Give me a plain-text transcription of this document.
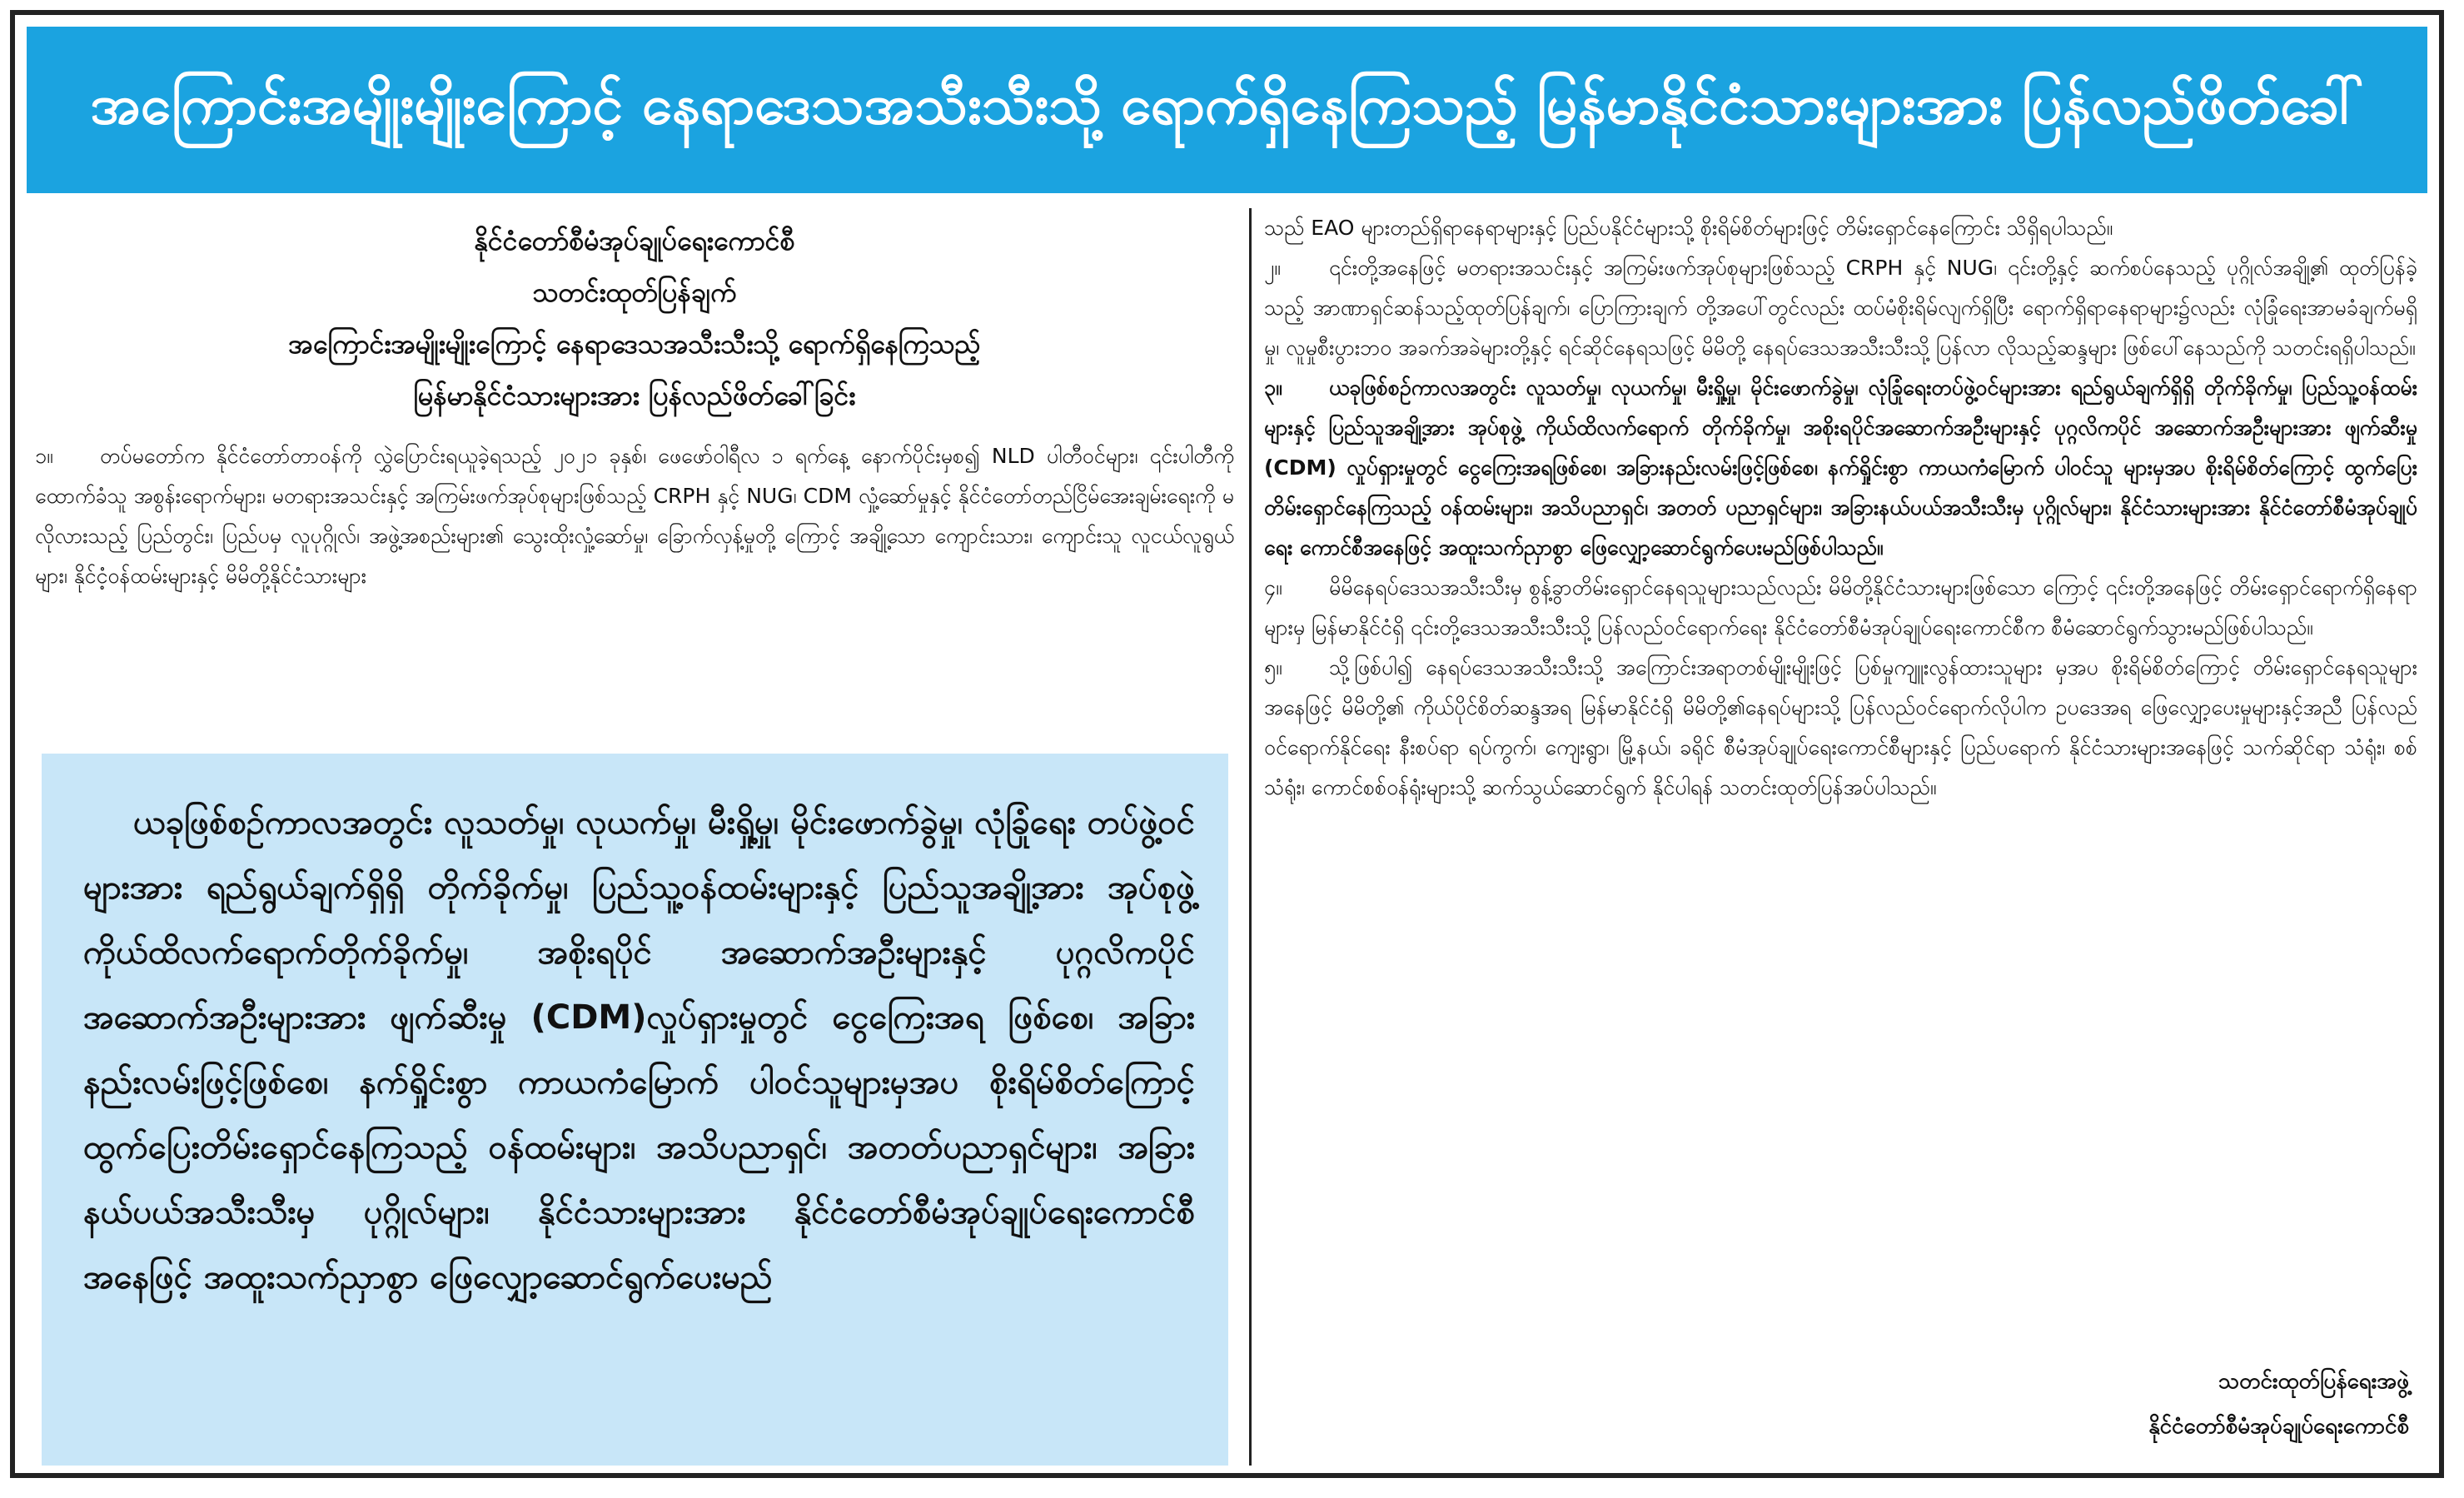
အကြောင်းအမျိုးမျိုးကြောင့် နေရာဒေသအသီးသီးသို့ ရောက်ရှိနေကြသည့် မြန်မာနိုင်ငံသားများအား ပြန်လည်ဖိတ်ခေါ်
နိုင်ငံတော်စီမံအုပ်ချုပ်ရေးကောင်စီ
သတင်းထုတ်ပြန်ချက်
အကြောင်းအမျိုးမျိုးကြောင့် နေရာဒေသအသီးသီးသို့ ရောက်ရှိနေကြသည့်
မြန်မာနိုင်ငံသားများအား ပြန်လည်ဖိတ်ခေါ်ခြင်း

၁။ တပ်မတော်က နိုင်ငံတော်တာဝန်ကို လွှဲပြောင်းရယူခဲ့ရသည့် ၂၀၂၁ ခုနှစ်၊ ဖေဖော်ဝါရီလ ၁ ရက်နေ့ နောက်ပိုင်းမှစ၍ NLD ပါတီဝင်များ၊ ၎င်းပါတီကိုထောက်ခံသူ အစွန်းရောက်များ၊ မတရားအသင်းနှင့် အကြမ်းဖက်အုပ်စုများဖြစ်သည့် CRPH နှင့် NUG၊ CDM လှုံ့ဆော်မှုနှင့် နိုင်ငံတော်တည်ငြိမ်အေးချမ်းရေးကို မလိုလားသည့် ပြည်တွင်း၊ ပြည်ပမှ လူပုဂ္ဂိုလ်၊ အဖွဲ့အစည်းများ၏ သွေးထိုးလှုံ့ဆော်မှု၊ ခြောက်လှန့်မှုတို့ ကြောင့် အချို့သော ကျောင်းသား၊ ကျောင်းသူ လူငယ်လူရွယ်များ၊ နိုင်ငံ့ဝန်ထမ်းများနှင့် မိမိတို့နိုင်ငံသားများ

ယခုဖြစ်စဉ်ကာလအတွင်း လူသတ်မှု၊ လုယက်မှု၊ မီးရှို့မှု၊ မိုင်းဖောက်ခွဲမှု၊ လုံခြုံရေး တပ်ဖွဲ့ဝင်များအား ရည်ရွယ်ချက်ရှိရှိ တိုက်ခိုက်မှု၊ ပြည်သူ့ဝန်ထမ်းများနှင့် ပြည်သူအချို့အား အုပ်စုဖွဲ့ ကိုယ်ထိလက်ရောက်တိုက်ခိုက်မှု၊ အစိုးရပိုင် အဆောက်အဦးများနှင့် ပုဂ္ဂလိကပိုင် အဆောက်အဦးများအား ဖျက်ဆီးမှု (CDM)လှုပ်ရှားမှုတွင် ငွေကြေးအရ ဖြစ်စေ၊ အခြား နည်းလမ်းဖြင့်ဖြစ်စေ၊ နက်ရှိုင်းစွာ ကာယကံမြောက် ပါဝင်သူများမှအပ စိုးရိမ်စိတ်ကြောင့် ထွက်ပြေးတိမ်းရှောင်နေကြသည့် ဝန်ထမ်းများ၊ အသိပညာရှင်၊ အတတ်ပညာရှင်များ၊ အခြားနယ်ပယ်အသီးသီးမှ ပုဂ္ဂိုလ်များ၊ နိုင်ငံသားများအား နိုင်ငံတော်စီမံအုပ်ချုပ်ရေးကောင်စီ အနေဖြင့် အထူးသက်ညှာစွာ ဖြေလျှော့ဆောင်ရွက်ပေးမည်

သည် EAO များတည်ရှိရာနေရာများနှင့် ပြည်ပနိုင်ငံများသို့ စိုးရိမ်စိတ်များဖြင့် တိမ်းရှောင်နေကြောင်း သိရှိရပါသည်။

၂။ ၎င်းတို့အနေဖြင့် မတရားအသင်းနှင့် အကြမ်းဖက်အုပ်စုများဖြစ်သည့် CRPH နှင့် NUG၊ ၎င်းတို့နှင့် ဆက်စပ်နေသည့် ပုဂ္ဂိုလ်အချို့၏ ထုတ်ပြန်ခဲ့သည့် အာဏာရှင်ဆန်သည့်ထုတ်ပြန်ချက်၊ ပြောကြားချက် တို့အပေါ်တွင်လည်း ထပ်မံစိုးရိမ်လျက်ရှိပြီး ရောက်ရှိရာနေရာများ၌လည်း လုံခြုံရေးအာမခံချက်မရှိမှု၊ လူမှုစီးပွားဘဝ အခက်အခဲများတို့နှင့် ရင်ဆိုင်နေရသဖြင့် မိမိတို့ နေရပ်ဒေသအသီးသီးသို့ ပြန်လာ လိုသည့်ဆန္ဒများ ဖြစ်ပေါ်နေသည်ကို သတင်းရရှိပါသည်။

၃။ ယခုဖြစ်စဉ်ကာလအတွင်း လူသတ်မှု၊ လုယက်မှု၊ မီးရှို့မှု၊ မိုင်းဖောက်ခွဲမှု၊ လုံခြုံရေးတပ်ဖွဲ့ဝင်များအား ရည်ရွယ်ချက်ရှိရှိ တိုက်ခိုက်မှု၊ ပြည်သူ့ဝန်ထမ်းများနှင့် ပြည်သူအချို့အား အုပ်စုဖွဲ့ ကိုယ်ထိလက်ရောက် တိုက်ခိုက်မှု၊ အစိုးရပိုင်အဆောက်အဦးများနှင့် ပုဂ္ဂလိကပိုင် အဆောက်အဦးများအား ဖျက်ဆီးမှု (CDM) လှုပ်ရှားမှုတွင် ငွေကြေးအရဖြစ်စေ၊ အခြားနည်းလမ်းဖြင့်ဖြစ်စေ၊ နက်ရှိုင်းစွာ ကာယကံမြောက် ပါဝင်သူ များမှအပ စိုးရိမ်စိတ်ကြောင့် ထွက်ပြေးတိမ်းရှောင်နေကြသည့် ဝန်ထမ်းများ၊ အသိပညာရှင်၊ အတတ် ပညာရှင်များ၊ အခြားနယ်ပယ်အသီးသီးမှ ပုဂ္ဂိုလ်များ၊ နိုင်ငံသားများအား နိုင်ငံတော်စီမံအုပ်ချုပ်ရေး ကောင်စီအနေဖြင့် အထူးသက်ညှာစွာ ဖြေလျှော့ဆောင်ရွက်ပေးမည်ဖြစ်ပါသည်။

၄။ မိမိနေရပ်ဒေသအသီးသီးမှ စွန့်ခွာတိမ်းရှောင်နေရသူများသည်လည်း မိမိတို့နိုင်ငံသားများဖြစ်သော ကြောင့် ၎င်းတို့အနေဖြင့် တိမ်းရှောင်ရောက်ရှိနေရာများမှ မြန်မာနိုင်ငံရှိ ၎င်းတို့ဒေသအသီးသီးသို့ ပြန်လည်ဝင်ရောက်ရေး နိုင်ငံတော်စီမံအုပ်ချုပ်ရေးကောင်စီက စီမံဆောင်ရွက်သွားမည်ဖြစ်ပါသည်။

၅။ သို့ဖြစ်ပါ၍ နေရပ်ဒေသအသီးသီးသို့ အကြောင်းအရာတစ်မျိုးမျိုးဖြင့် ပြစ်မှုကျူးလွန်ထားသူများ မှအပ စိုးရိမ်စိတ်ကြောင့် တိမ်းရှောင်နေရသူများအနေဖြင့် မိမိတို့၏ ကိုယ်ပိုင်စိတ်ဆန္ဒအရ မြန်မာနိုင်ငံရှိ မိမိတို့၏နေရပ်များသို့ ပြန်လည်ဝင်ရောက်လိုပါက ဥပဒေအရ ဖြေလျှော့ပေးမှုများနှင့်အညီ ပြန်လည် ဝင်ရောက်နိုင်ရေး နီးစပ်ရာ ရပ်ကွက်၊ ကျေးရွာ၊ မြို့နယ်၊ ခရိုင် စီမံအုပ်ချုပ်ရေးကောင်စီများနှင့် ပြည်ပရောက် နိုင်ငံသားများအနေဖြင့် သက်ဆိုင်ရာ သံရုံး၊ စစ်သံရုံး၊ ကောင်စစ်ဝန်ရုံးများသို့ ဆက်သွယ်ဆောင်ရွက် နိုင်ပါရန် သတင်းထုတ်ပြန်အပ်ပါသည်။

သတင်းထုတ်ပြန်ရေးအဖွဲ့
နိုင်ငံတော်စီမံအုပ်ချုပ်ရေးကောင်စီ
